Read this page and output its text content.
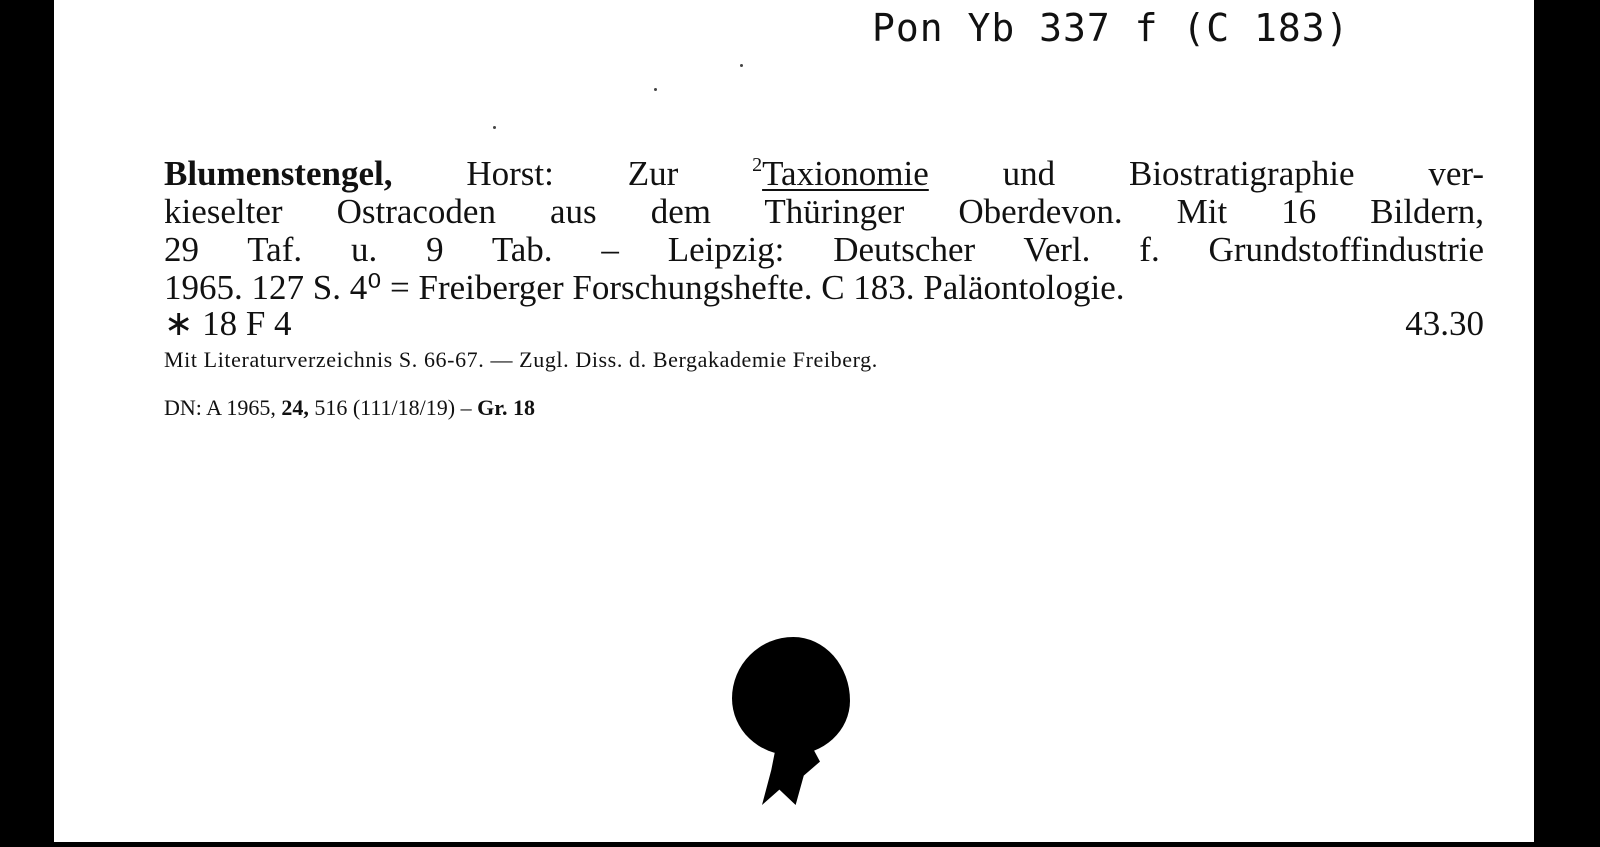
Pon Yb 337 f (C 183)
Blumenstengel, Horst: Zur $^2$Taxionomie und Biostratigraphie ver-
kieselter Ostracoden aus dem Thüringer Oberdevon. Mit 16 Bildern,
29 Taf. u. 9 Tab. – Leipzig: Deutscher Verl. f. Grundstoffindustrie
1965. 127 S. 4⁰ = Freiberger Forschungshefte. C 183. Paläontologie.
∗ 18 F 4	43.30
Mit Literaturverzeichnis S. 66-67. — Zugl. Diss. d. Bergakademie Freiberg.
DN: A 1965, 24, 516 (111/18/19) – Gr. 18
